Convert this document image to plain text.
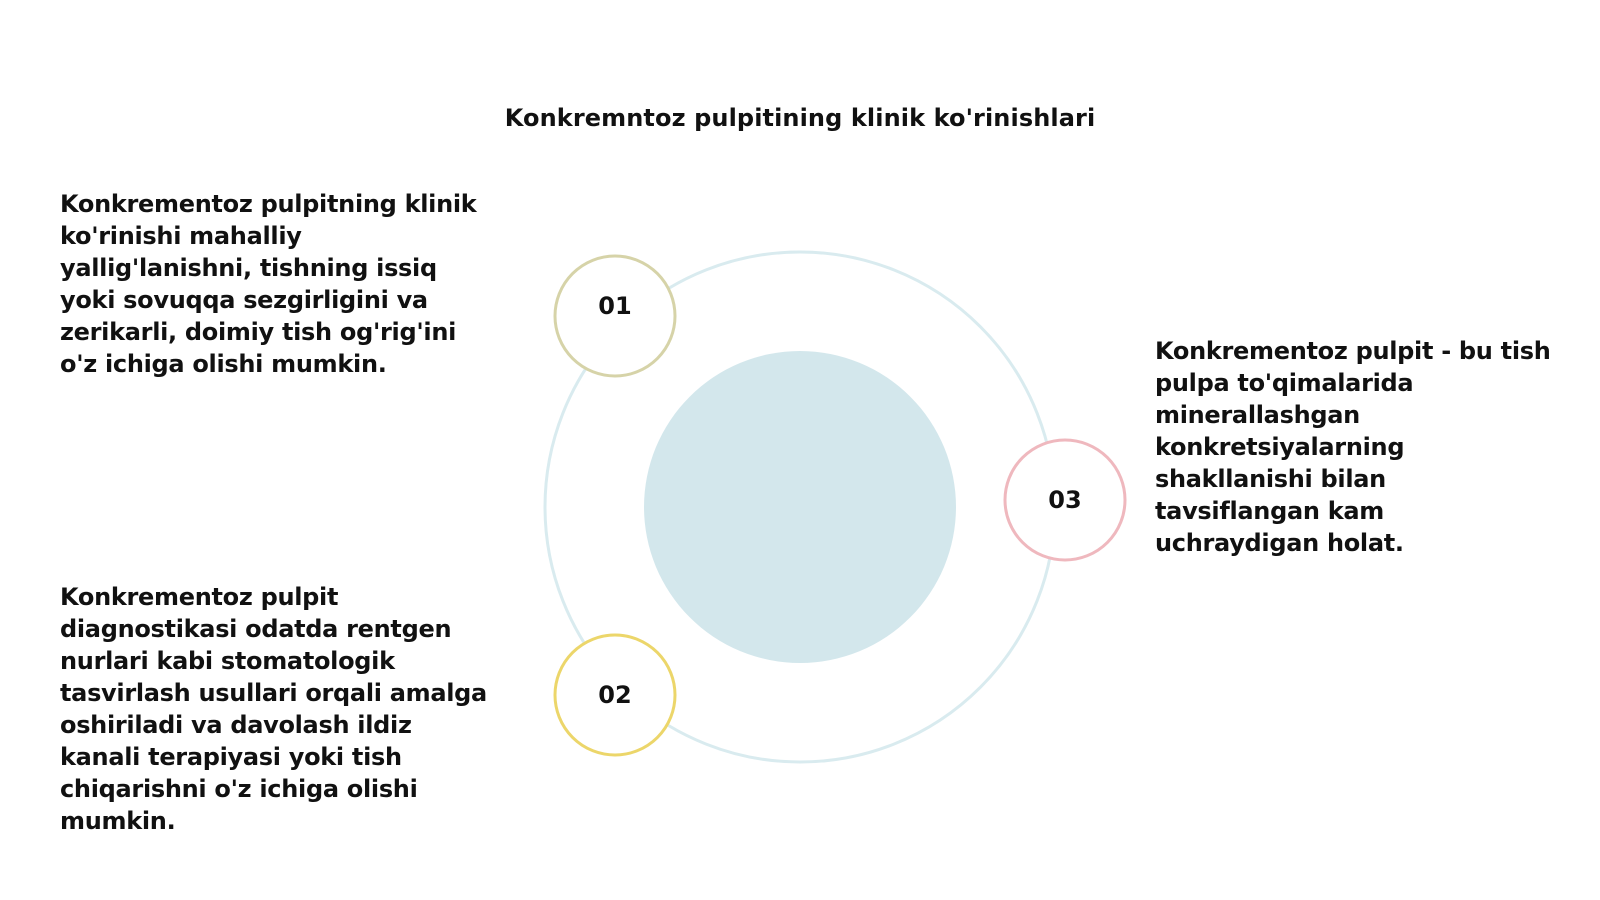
Konkremntoz pulpitining klinik ko'rinishlari
01
02
03

Konkrementoz pulpitning klinik ko'rinishi mahalliy yallig'lanishni, tishning issiq yoki sovuqqa sezgirligini va zerikarli, doimiy tish og'rig'ini o'z ichiga olishi mumkin.

Konkrementoz pulpit diagnostikasi odatda rentgen nurlari kabi stomatologik tasvirlash usullari orqali amalga oshiriladi va davolash ildiz kanali terapiyasi yoki tish chiqarishni o'z ichiga olishi mumkin.

Konkrementoz pulpit - bu tish pulpa to'qimalarida minerallashgan konkretsiyalarning shakllanishi bilan tavsiflangan kam uchraydigan holat.
